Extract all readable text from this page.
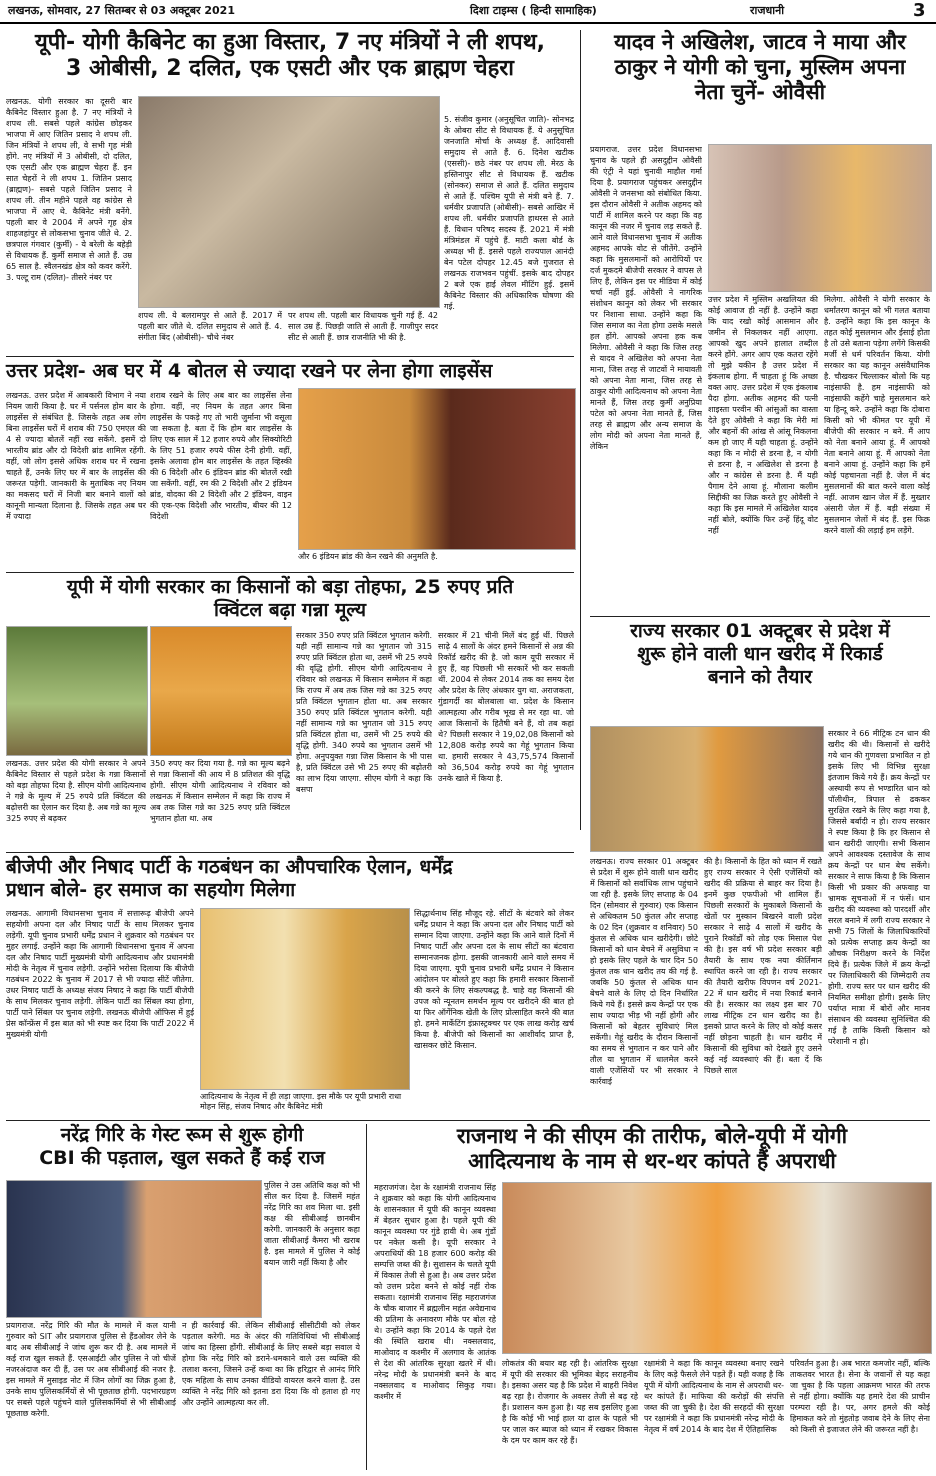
लखनऊ, सोमवार, 27 सितम्बर से 03 अक्टूबर 2021	दिशा टाइम्स ( हिन्दी सामाहिक)	राजधानी	3

यूपी- योगी कैबिनेट का हुआ विस्तार, 7 नए मंत्रियों ने ली शपथ,

3 ओबीसी, 2 दलित, एक एसटी और एक ब्राह्मण चेहरा

लखनऊ. योगी सरकार का दूसरी बार कैबिनेट विस्तार हुआ है. 7 नए मंत्रियों ने शपथ ली. सबसे पहले कांग्रेस छोड़कर भाजपा में आए जितिन प्रसाद ने शपथ ली. जिन मंत्रियों ने शपथ ली, वे सभी गृह मंत्री होंगे. नए मंत्रियों में 3 ओबीसी, दो दलित, एक एसटी और एक ब्राह्मण चेहरा हैं. इन सात चेहरों ने ली शपथ 1. जितिन प्रसाद (ब्राह्मण)- सबसे पहले जितिन प्रसाद ने शपथ ली. तीन महीने पहले वह कांग्रेस से भाजपा में आए थे. कैबिनेट मंत्री बनेंगे. पहली बार वे 2004 में अपने गृह क्षेत्र शाहजहांपुर से लोकसभा चुनाव जीते थे. 2. छत्रपाल गंगवार (कुर्मी) - ये बरेली के बहेड़ी से विधायक हैं. कुर्मी समाज से आते हैं. उम्र 65 साल है. स्वैलनखंड क्षेत्र को कवर करेंगे. 3. पल्टू राम (दलित)- तीसरे नंबर पर
शपथ ली. ये बलरामपुर से आते हैं. 2017 में पहली बार जीते थे. दलित समुदाय से आते हैं. 4. संगीता बिंद (ओबीसी)- चौथे नंबर
पर शपथ ली. पहली बार विधायक चुनी गई हैं. 42 साल उम्र हैं. पिछड़ी जाति से आती हैं. गाजीपुर सदर सीट से आती हैं. छात्र राजनीति भी की है.
5. संजीव कुमार (अनुसूचित जाति)- सोनभद्र के ओबरा सीट से विधायक हैं. ये अनुसूचित जनजाति मोर्चा के अध्यक्ष हैं. आदिवासी समुदाय से आते हैं. 6. दिनेश खटीक (एससी)- छठे नंबर पर शपथ ली. मेरठ के हस्तिनापुर सीट से विधायक हैं. खटीक (सोनकर) समाज से आते हैं. दलित समुदाय से आते हैं. पश्चिम यूपी से मंत्री बने हैं. 7. धर्मवीर प्रजापति (ओबीसी)- सबसे आखिर में शपथ ली. धर्मवीर प्रजापति हाथरस से आते हैं. विधान परिषद सदस्य हैं. 2021 में मंत्री मंत्रिमंडल में पहुंचे हैं. माटी कला बोर्ड के अध्यक्ष भी हैं. इससे पहले राज्यपाल आनंदी बेन पटेल दोपहर 12.45 बजे गुजरात से लखनऊ राजभवन पहुंचीं. इसके बाद दोपहर 2 बजे एक हाई लेवल मीटिंग हुई. इसमें कैबिनेट विस्तार की अधिकारिक घोषणा की गई.

यादव ने अखिलेश, जाटव ने माया और

ठाकुर ने योगी को चुना, मुस्लिम अपना

नेता चुनें- ओवैसी

प्रयागराज. उत्तर प्रदेश विधानसभा चुनाव के पहले ही असदुद्दीन ओवैसी की एंट्री ने यहां चुनावी माहौल गर्मा दिया है. प्रयागराज पहुंचकर असदुद्दीन ओवैसी ने जनसभा को संबोधित किया. इस दौरान ओवैसी ने अतीक अहमद को पार्टी में शामिल करने पर कहा कि वह कानून की नजर में चुनाव लड़ सकते हैं. आने वाले विधानसभा चुनाव में अतीक अहमद आपके वोट से जीतेंगे. उन्होंने कहा कि मुसलमानों को आरोपियों पर दर्ज मुकदमे बीजेपी सरकार ने वापस ले लिए हैं, लेकिन इस पर मीडिया में कोई चर्चा नहीं हुई. ओवैसी ने नागरिक संशोधन कानून को लेकर भी सरकार पर निशाना साधा. उन्होंने कहा कि जिस समाज का नेता होगा उसके मसले हल होंगे. आपको अपना हक कब मिलेगा. ओवैसी ने कहा कि जिस तरह से यादव ने अखिलेश को अपना नेता माना, जिस तरह से जाटवों ने मायावती को अपना नेता माना, जिस तरह से ठाकुर योगी आदित्यनाथ को अपना नेता मानते हैं, जिस तरह कुर्मी अनुप्रिया पटेल को अपना नेता मानते हैं, जिस तरह से ब्राह्मण और अन्य समाज के लोग मोदी को अपना नेता मानते हैं, लेकिन
उत्तर प्रदेश में मुस्लिम अखलियत की कोई आवाज ही नहीं है. उन्होंने कहा कि याद रखो कोई आसमान और जमीन से निकलकर नहीं आएगा. आपको खुद अपने हालात तब्दील करने होंगे. अगर आप एक कतरा रहेंगे तो मुझे यकीन है उत्तर प्रदेश में इंकलाब होगा. मैं चाहता हूं कि अच्छा वक्त आए. उत्तर प्रदेश में एक इंकलाब पैदा होगा. अतीक अहमद की पत्नी शाइस्ता परवीन की आंसुओं का वास्ता देते हुए ओवैसी ने कहा कि मेरी मां और बहनों की आंख से आंसू निकलना कम हो जाए मैं यही चाहता हूं. उन्होंने कहा कि न मोदी से डरना है, न योगी से डरना है, न अखिलेश से डरना है और न कांग्रेस से डरना है. मैं यही पैगाम देने आया हूं. मौलाना कलीम सिद्दीकी का जिक्र करते हुए ओवैसी ने कहा कि इस मामले में अखिलेश यादव नहीं बोले, क्योंकि फिर उन्हें हिंदू वोट नहीं
मिलेगा. ओवैसी ने योगी सरकार के धर्मांतरण कानून को भी गलत बताया है. उन्होंने कहा कि इस कानून के तहत कोई मुसलमान और ईसाई होता है तो उसे बताना पड़ेगा लगेंगे किसकी मर्जी से धर्म परिवर्तन किया. योगी सरकार का यह कानून असंवैधानिक है. चौखकर चिल्लाकर बोलो कि यह नाइंसाफी है. हम नाइंसाफी को नाइंसाफी कहेंगे चाहे मुसलमान करे या हिन्दू करे. उन्होंने कहा कि दोबारा किसी को भी कीमत पर यूपी में बीजेपी की सरकार न बने. मैं आप को नेता बनाने आया हूं. मैं आपको नेता बनाने आया हूं. मैं आपको नेता बनाने आया हूं. उन्होंने कहा कि हमें कोई पहचानता नहीं है. जेल में बंद मुसलमानों की बात करने वाला कोई नहीं. आजम खान जेल में हैं. मुख्तार अंसारी जेल में हैं. बड़ी संख्या में मुसलमान जेलों में बंद हैं. इस फिक्र करने वालों की लड़ाई हम लड़ेंगे.

उत्तर प्रदेश- अब घर में 4 बोतल से ज्यादा रखने पर लेना होगा लाइसेंस

लखनऊ. उत्तर प्रदेश में आबकारी विभाग ने नया नियम जारी किया है. घर में पर्सनल होम बार के लाइसेंस से संबंधित है. जिसके तहत अब लोग बिना लाइसेंस घरों में शराब की 750 एमएल की 4 से ज्यादा बोतलें नहीं रख सकेंगे. इसमें दो भारतीय ब्रांड और दो विदेशी ब्रांड शामिल रहेंगी. वहीं, जो लोग इससे अधिक शराब घर में रखना चाहते हैं, उनके लिए घर में बार के लाइसेंस की जरूरत पड़ेगी. जानकारी के मुताबिक नए नियम का मकसद घरों में निजी बार बनाने वालों को कानूनी मान्यता दिलाना है. जिसके तहत अब घर में ज्यादा
शराब रखने के लिए अब बार का लाइसेंस लेना होगा. वहीं, नए नियम के तहत अगर बिना लाइसेंस के पकड़े गए तो भारी जुर्माना भी वसूला जा सकता है. बता दें कि होम बार लाइसेंस के लिए एक साल में 12 हजार रुपये और सिक्योरिटी के लिए 51 हजार रुपये फीस देनी होगी. वहीं, इसके अलावा होम बार लाइसेंस के तहत व्हिस्की की 6 विदेशी और 6 इंडियन ब्रांड की बोतलें रखी जा सकेंगी. वहीं, रम की 2 विदेशी और 2 इंडियन ब्रांड, वोदका की 2 विदेशी और 2 इंडियन, वाइन की एक-एक विदेशी और भारतीय, बीयर की 12 विदेशी
और 6 इंडियन ब्रांड की केन रखने की अनुमति है.

यूपी में योगी सरकार का किसानों को बड़ा तोहफा, 25 रुपए प्रति

क्विंटल बढ़ा गन्ना मूल्य

लखनऊ. उत्तर प्रदेश की योगी सरकार ने अपने कैबिनेट विस्तार से पहले प्रदेश के गन्ना किसानों को बड़ा तोहफा दिया है. सीएम योगी आदित्यनाथ ने गन्ने के मूल्य में 25 रुपये प्रति क्विंटल की बढ़ोत्तरी का ऐलान कर दिया है. अब गन्ने का मूल्य 325 रुपए से बढ़कर
350 रुपए कर दिया गया है. गन्ने का मूल्य बढ़ने से गन्ना किसानों की आय में 8 प्रतिशत की वृद्धि होगी. सीएम योगी आदित्यनाथ ने रविवार को लखनऊ में किसान सम्मेलन में कहा कि राज्य में अब तक जिस गन्ने का 325 रुपए प्रति क्विंटल भुगतान होता था. अब
सरकार 350 रुपए प्रति क्विंटल भुगतान करेगी. यही नहीं सामान्य गन्ने का भुगतान जो 315 रुपए प्रति क्विंटल होता था, उसमें भी 25 रुपये की वृद्धि होगी. सीएम योगी आदित्यनाथ ने रविवार को लखनऊ में किसान सम्मेलन में कहा कि राज्य में अब तक जिस गन्ने का 325 रुपए प्रति क्विंटल भुगतान होता था. अब सरकार 350 रुपए प्रति क्विंटल भुगतान करेगी. यही नहीं सामान्य गन्ने का भुगतान जो 315 रुपए प्रति क्विंटल होता था, उसमें भी 25 रुपये की वृद्धि होगी. 340 रुपये का भुगतान उसमें भी होगा. अनुपयुक्त गन्ना जिस किसान के भी पास है, प्रति क्विंटल उसे भी 25 रुपए की बढ़ोतरी का लाभ दिया जाएगा. सीएम योगी ने कहा कि बसपा
सरकार में 21 चीनी मिलें बंद हुई थीं. पिछले साढ़े 4 सालों के अंदर हमने किसानों से अन्न की रिकॉर्ड खरीद की है. जो काम यूपी सरकार में हुए हैं, वह पिछली भी सरकारें भी कर सकती थीं. 2004 से लेकर 2014 तक का समय देश और प्रदेश के लिए अंधकार युग था. अराजकता, गुंडागर्दी का बोलबाला था. प्रदेश के किसान आत्महत्या और गरीब भूख से मर रहा था. जो आज किसानों के हितैषी बने हैं, वो तब कहां थे? पिछली सरकार ने 19,02,08 किसानों को 12,808 करोड़ रुपये का गेहूं भुगतान किया था. हमारी सरकार ने 43,75,574 किसानों को 36,504 करोड़ रुपये का गेहूं भुगतान उनके खाते में किया है.

राज्य सरकार 01 अक्टूबर से प्रदेश में

शुरू होने वाली धान खरीद में रिकार्ड

बनाने को तैयार

लखनऊ। राज्य सरकार 01 अक्टूबर से प्रदेश में शुरू होने वाली धान खरीद में किसानों को सर्वाधिक लाभ पहुंचाने जा रही है. इसके लिए सप्ताह के 04 दिन (सोमवार से गुरुवार) एक किसान से अधिकतम 50 कुंतल और सप्ताह के 02 दिन (शुक्रवार व शनिवार) 50 कुंतल से अधिक धान खरीदेगी। छोटे किसानों को धान बेचने में असुविधा न हो इसके लिए पहले के चार दिन 50 कुंतल तक धान खरीद तय की गई है. जबकि 50 कुंतल से अधिक धान बेचने वाले के लिए दो दिन निर्धारित किये गये हैं। इससे क्रय केन्द्रों पर एक साथ ज्यादा भीड़ भी नहीं होगी और किसानों को बेहतर सुविधाएं मिल सकेंगी। गेहूं खरीद के दौरान किसानों का समय से भुगतान न कर पाने और तौल या भुगतान में धालमेल करने वाली एजेंसियों पर भी सरकार ने कार्रवाई
की है। किसानों के हित को ध्यान में रखते हुए राज्य सरकार ने ऐसी एजेंसियों को खरीद की प्रक्रिया से बाहर कर दिया है। इनमें कुछ एफपीओ भी शामिल हैं। पिछली सरकारों के मुकाबले किसानों के खेतों पर मुस्कान बिखरने वाली प्रदेश सरकार ने साढ़े 4 सालों में खरीद के पुराने रिकॉर्डों को तोड़ एक मिसाल पेश की है। इस वर्ष भी प्रदेश सरकार बड़ी तैयारी के साथ एक नया कीर्तिमान स्थापित करने जा रही है। राज्य सरकार की तैयारी खरीफ विपणन वर्ष 2021-22 में धान खरीद में नया रिकार्ड बनाने की है। सरकार का लक्ष्य इस बार 70 लाख मीट्रिक टन धान खरीद का है। इसको प्राप्त करने के लिए वो कोई कसर नहीं छोड़ना चाहती है। धान खरीद में किसानों की सुविधा को देखते हुए उसने कई नई व्यवस्थाएं की हैं। बता दें कि पिछले साल
सरकार ने 66 मीट्रिक टन धान की खरीद की थी। किसानों से खरीदे गये धान की गुणवत्ता प्रभावित न हो इसके लिए भी विभिन्न सुरक्षा इंतजाम किये गये हैं। क्रय केन्द्रों पर अस्थायी रूप से भण्डारित धान को पॉलीथीन, त्रिपाल से ढककर सुरक्षित रखने के लिए कहा गया है, जिससे बर्बादी न हो। राज्य सरकार ने स्पष्ट किया है कि हर किसान से धान खरीदी जाएगी। सभी किसान अपने आवश्यक दस्तावेज के साथ क्रय केन्द्रों पर धान बेच सकेंगे। सरकार ने साफ किया है कि किसान किसी भी प्रकार की अफवाह या भ्रामक सूचनाओं में न फंसें। धान खरीद की व्यवस्था को पारदर्शी और सरल बनाने में लगी राज्य सरकार ने सभी 75 जिलों के जिलाधिकारियों को प्रत्येक सप्ताह क्रय केन्द्रों का औचक निरीक्षण करने के निर्देश दिये हैं। प्रत्येक जिले में क्रय केन्द्रों पर जिलाधिकारी की जिम्मेदारी तय होगी. राज्य स्तर पर धान खरीद की नियमित समीक्षा होगी। इसके लिए पर्याप्त मात्रा में बोरों और मानव संसाधन की व्यवस्था सुनिश्चित की गई है ताकि किसी किसान को परेशानी न हो।

बीजेपी और निषाद पार्टी के गठबंधन का औपचारिक ऐलान, धर्मेंद्र

प्रधान बोले- हर समाज का सहयोग मिलेगा

लखनऊ. आगामी विधानसभा चुनाव में सत्तारूढ़ बीजेपी अपने सहयोगी अपना दल और निषाद पार्टी के साथ मिलकर चुनाव लड़ेगी. यूपी चुनाव प्रभारी धर्मेंद्र प्रधान ने शुक्रवार को गठबंधन पर मुहर लगाई. उन्होंने कहा कि आगामी विधानसभा चुनाव में अपना दल और निषाद पार्टी मुख्यमंत्री योगी आदित्यनाथ और प्रधानमंत्री मोदी के नेतृत्व में चुनाव लड़ेगी. उन्होंने भरोसा दिलाया कि बीजेपी गठबंधन 2022 के चुनाव में 2017 से भी ज्यादा सीटें जीतेगा. उधर निषाद पार्टी के अध्यक्ष संजय निषाद ने कहा कि पार्टी बीजेपी के साथ मिलकर चुनाव लड़ेगी. लेकिन पार्टी का सिंबल क्या होगा, पार्टी पाने सिंबल पर चुनाव लड़ेगी. लखनऊ बीजेपी ऑफिस में हुई प्रेस कॉन्फ्रेंस में इस बात को भी स्पष्ट कर दिया कि पार्टी 2022 में मुख्यमंत्री योगी
आदित्यनाथ के नेतृत्व में ही लड़ा जाएगा. इस मौके पर यूपी प्रभारी राधा मोहन सिंह, संजय निषाद और कैबिनेट मंत्री
सिद्धार्थनाथ सिंह मौजूद रहे. सीटों के बंटवारे को लेकर धर्मेंद्र प्रधान ने कहा कि अपना दल और निषाद पार्टी को सम्मान दिया जाएगा. उन्होंने कहा कि आने वाले दिनों में निषाद पार्टी और अपना दल के साथ सीटों का बंटवारा सम्मानजनक होगा. इसकी जानकारी आने वाले समय में दिया जाएगा. यूपी चुनाव प्रभारी धर्मेंद्र प्रधान ने किसान आंदोलन पर बोलते हुए कहा कि हमारी सरकार किसानों की करने के लिए संकल्पबद्ध है. चाहे वह किसानों की उपज को न्यूनतम समर्थन मूल्य पर खरीदने की बात हो या फिर ऑर्गेनिक खेती के लिए प्रोत्साहित करने की बात हो. हमने मार्केटिंग इंफ्रास्ट्रक्चर पर एक लाख करोड़ खर्च किया है. बीजेपी को किसानों का आशीर्वाद प्राप्त है, खासकर छोटे किसान.

नरेंद्र गिरि के गेस्ट रूम से शुरू होगी

CBI की पड़ताल, खुल सकते हैं कई राज

पुलिस ने उस अतिथि कक्ष को भी सील कर दिया है. जिसमें महंत नरेंद्र गिरि का शव मिला था. इसी कक्ष की सीबीआई छानबीन करेगी. जानकारी के अनुसार कहा जाता सीबीआई कैमरा भी खराब है. इस मामले में पुलिस ने कोई बयान जारी नहीं किया है और
प्रयागराज. नरेंद्र गिरि की मौत के मामले में कल यानी गुरुवार को SIT और प्रयागराज पुलिस से हैंडओवर लेने के बाद अब सीबीआई ने जांच शुरू कर दी है. अब मामले में कई राज खुल सकते हैं. एसआईटी और पुलिस ने जो चीजें नजरअंदाज कर दी हैं, उस पर अब सीबीआई की नजर है. इस मामले में मुसाइड नोट में जिन लोगों का जिक्र हुआ है, उनके साथ पुलिसकर्मियों से भी पूछताछ होगी. पदभारग्रहण पर सबसे पहले पहुंचने वाले पुलिसकर्मियों से भी सीबीआई पूछताछ करेगी.
न ही कार्रवाई की. लेकिन सीबीआई सीसीटीवी को लेकर पड़ताल करेगी. मठ के अंदर की गतिविधियां भी सीबीआई जांच का हिस्सा होंगी. सीबीआई के लिए सबसे बड़ा सवाल ये होगा कि नरेंद्र गिरि को डराने-धमकाने वाले उस व्यक्ति की तलाश करना, जिसने उन्हें कथा का कि हरिद्वार से आनंद गिरि एक महिला के साथ उनका वीडियो वायरल करने वाला है. उस व्यक्ति ने नरेंद्र गिरि को इतना डरा दिया कि वो हताश हो गए और उन्होंने आत्महत्या कर ली.

राजनाथ ने की सीएम की तारीफ, बोले-यूपी में योगी

आदित्यनाथ के नाम से थर-थर कांपते हैं अपराधी

महराजगंज। देश के रक्षामंत्री राजनाथ सिंह ने शुक्रवार को कहा कि योगी आदित्यनाथ के शासनकाल में यूपी की कानून व्यवस्था में बेहतर सुधार हुआ है। पहले यूपी की कानून व्यवस्था पर गुंडे हावी थे। अब गुंडों पर नकेल कसी है। यूपी सरकार ने अपराधियों की 18 हजार 600 करोड़ की सम्पत्ति जब्त की है। सुशासन के चलते यूपी में विकास तेजी से हुआ है। अब उत्तर प्रदेश को उत्तम प्रदेश बनने से कोई नहीं रोक सकता। रक्षामंत्री राजनाथ सिंह महराजगंज के चौक बाजार में ब्रह्मलीन महंत अवेद्यनाथ की प्रतिमा के अनावरण मौके पर बोल रहे थे। उन्होंने कहा कि 2014 के पहले देश की स्थिति खराब थी। नक्सलवाद, माओवाद व कश्मीर में अलगाव के आतंक से देश की आंतरिक सुरक्षा खतरे में थी। नरेन्द्र मोदी के प्रधानमंत्री बनने के बाद नक्सलवाद व माओवाद सिकुड़ गया। कश्मीर में
लोकतंत्र की बयार बह रही है। आंतरिक सुरक्षा में यूपी की सरकार की भूमिका बेहद सराहनीय है। इसका असर यह है कि प्रदेश में बाहरी निवेश बढ़ रहा है। रोजगार के अवसर तेजी से बढ़ रहे हैं। प्रशासन कम हुआ है। यह सब इसलिए हुआ है कि कोई भी भाई हाल या ढ़ाल के पहले भी पर जाल कर ब्याज को ध्यान में रखकर विकास के दम पर काम कर रहे हैं।
रक्षामंत्री ने कहा कि कानून व्यवस्था बनाए रखने के लिए कड़े फैसले लेने पड़ते हैं। यही वजह है कि यूपी में योगी आदित्यनाथ के नाम से अपराधी थर-थर कांपते हैं। माफिया की करोड़ों की संपत्ति जब्त की जा चुकी है। देश की सरहदों की सुरक्षा पर रक्षामंत्री ने कहा कि प्रधानमंत्री नरेन्द्र मोदी के नेतृत्व में वर्ष 2014 के बाद देश में ऐतिहासिक
परिवर्तन हुआ है। अब भारत कमजोर नहीं, बल्कि ताकतवर भारत है। सेना के जवानों से यह कहा जा चुका है कि पहला आक्रमण भारत की तरफ से नहीं होगा। क्योंकि यह हमारे देश की प्राचीन परम्परा रही है। पर, अगर हमले की कोई हिमाकत करे तो मुंहतोड़ जवाब देने के लिए सेना को किसी से इजाजत लेने की जरूरत नहीं है।
